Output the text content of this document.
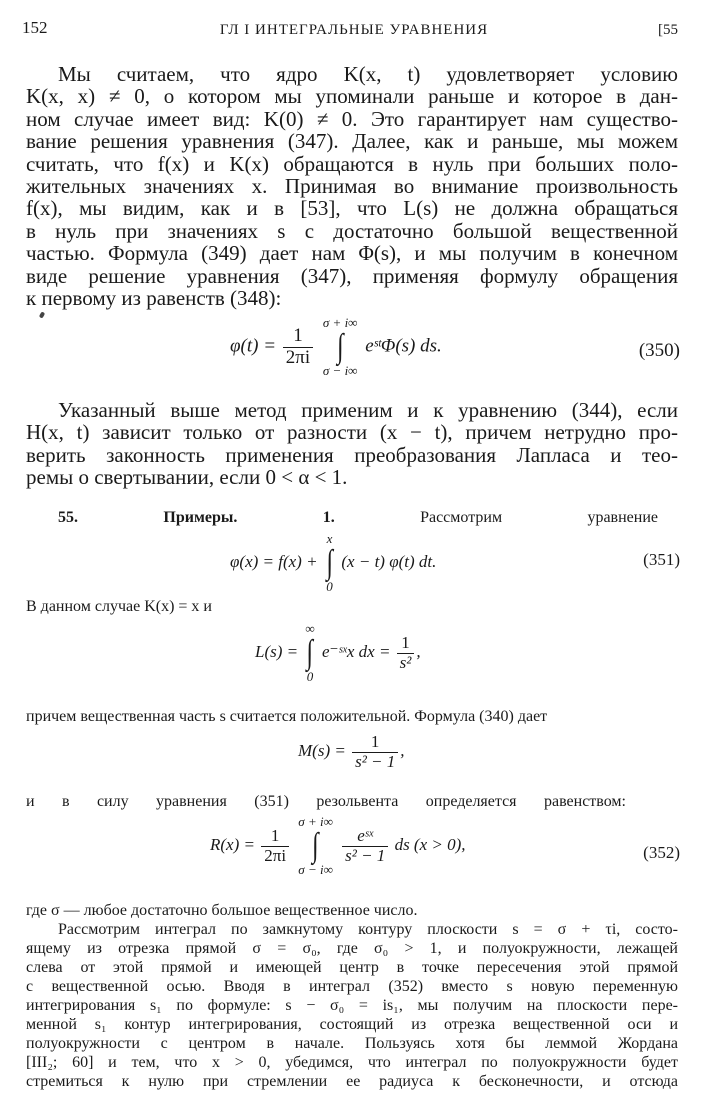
152	ГЛ I ИНТЕГРАЛЬНЫЕ УРАВНЕНИЯ	[55
Мы считаем, что ядро K(x, t) удовлетворяет условию
K(x, x) ≠ 0, о котором мы упоминали раньше и которое в дан-
ном случае имеет вид: K(0) ≠ 0. Это гарантирует нам существо-
вание решения уравнения (347). Далее, как и раньше, мы можем
считать, что f(x) и K(x) обращаются в нуль при больших поло-
жительных значениях x. Принимая во внимание произвольность
f(x), мы видим, как и в [53], что L(s) не должна обращаться
в нуль при значениях s с достаточно большой вещественной
частью. Формула (349) дает нам Φ(s), и мы получим в конечном
виде решение уравнения (347), применяя формулу обращения
к первому из равенств (348):
$\varphi(t) = \frac{1}{2\pi i}$

σ + i∞
∫
σ − i∞
eˢᵗΦ(s) ds.	(350)
Указанный выше метод применим и к уравнению (344), если
H(x, t) зависит только от разности (x − t), причем нетрудно про-
верить законность применения преобразования Лапласа и тео-
ремы о свертывании, если 0 < α < 1.
55. Примеры. 1.	Рассмотрим уравнение
φ(x) = f(x) +
x
∫
0
(x − t) φ(t) dt.	(351)
В данном случае K(x) = x и
L(s) =
∞
∫
0
e⁻ˢˣx dx = $\frac{1}{\text{s²}}$ ,
причем вещественная часть s считается положительной. Формула (340) дает
$M(s) = \frac{1}{\text{s² − 1}}$ ,
и в силу уравнения (351) резольвента определяется равенством:
$R(x) = \frac{1}{2\pi i}$

σ + i∞
∫
σ − i∞

$\frac{\text{eˢˣ}}{\text{s² − 1}}$ ds (x > 0),	(352)
где σ — любое достаточно большое вещественное число.
Рассмотрим интеграл по замкнутому контуру плоскости s = σ + τi, состо-
ящему из отрезка прямой σ = σ₀, где σ₀ > 1, и полуокружности, лежащей
слева от этой прямой и имеющей центр в точке пересечения этой прямой
с вещественной осью. Вводя в интеграл (352) вместо s новую переменную
интегрирования s₁ по формуле: s − σ₀ = is₁, мы получим на плоскости пере-
менной s₁ контур интегрирования, состоящий из отрезка вещественной оси и
полуокружности с центром в начале. Пользуясь хотя бы леммой Жордана
[III₂; 60] и тем, что x > 0, убедимся, что интеграл по полуокружности будет
стремиться к нулю при стремлении ее радиуса к бесконечности, и отсюда
